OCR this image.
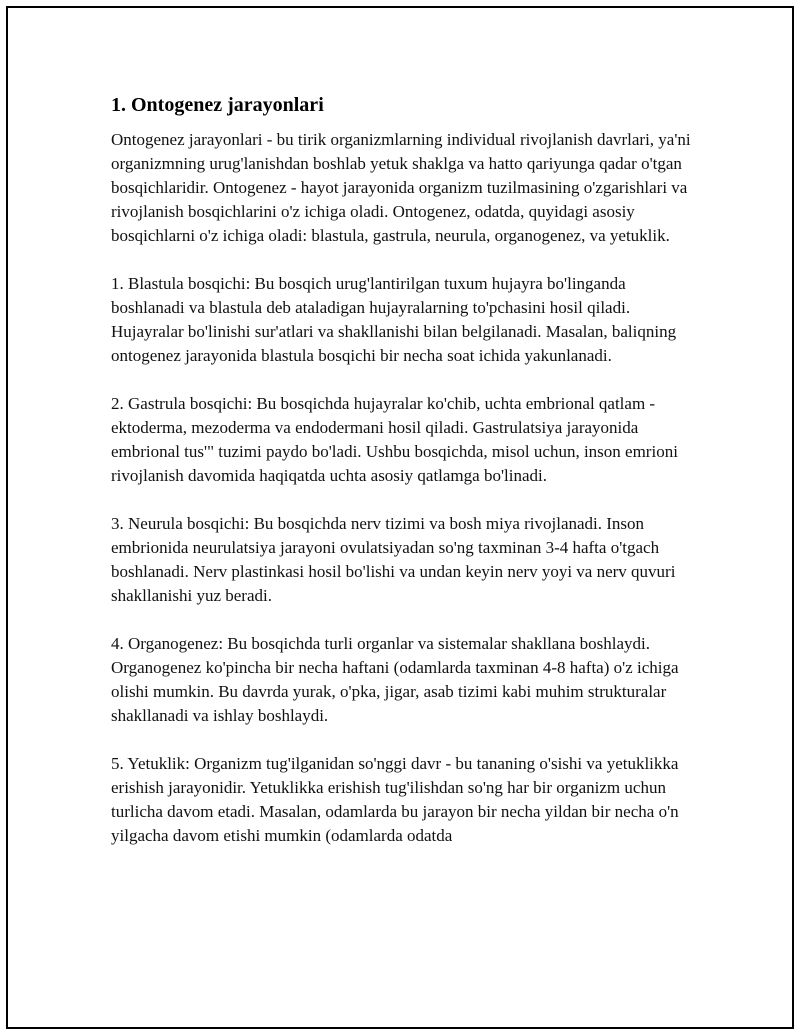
1. Ontogenez jarayonlari

Ontogenez jarayonlari - bu tirik organizmlarning individual rivojlanish davrlari, ya'ni organizmning urug'lanishdan boshlab yetuk shaklga va hatto qariyunga qadar o'tgan bosqichlaridir. Ontogenez - hayot jarayonida organizm tuzilmasining o'zgarishlari va rivojlanish bosqichlarini o'z ichiga oladi. Ontogenez, odatda, quyidagi asosiy bosqichlarni o'z ichiga oladi: blastula, gastrula, neurula, organogenez, va yetuklik.

1. Blastula bosqichi: Bu bosqich urug'lantirilgan tuxum hujayra bo'linganda boshlanadi va blastula deb ataladigan hujayralarning to'pchasini hosil qiladi. Hujayralar bo'linishi sur'atlari va shakllanishi bilan belgilanadi. Masalan, baliqning ontogenez jarayonida blastula bosqichi bir necha soat ichida yakunlanadi.

2. Gastrula bosqichi: Bu bosqichda hujayralar ko'chib, uchta embrional qatlam - ektoderma, mezoderma va endodermani hosil qiladi. Gastrulatsiya jarayonida embrional tus'" tuzimi paydo bo'ladi. Ushbu bosqichda, misol uchun, inson emrioni rivojlanish davomida haqiqatda uchta asosiy qatlamga bo'linadi.

3. Neurula bosqichi: Bu bosqichda nerv tizimi va bosh miya rivojlanadi. Inson embrionida neurulatsiya jarayoni ovulatsiyadan so'ng taxminan 3-4 hafta o'tgach boshlanadi. Nerv plastinkasi hosil bo'lishi va undan keyin nerv yoyi va nerv quvuri shakllanishi yuz beradi.

4. Organogenez: Bu bosqichda turli organlar va sistemalar shakllana boshlaydi. Organogenez ko'pincha bir necha haftani (odamlarda taxminan 4-8 hafta) o'z ichiga olishi mumkin. Bu davrda yurak, o'pka, jigar, asab tizimi kabi muhim strukturalar shakllanadi va ishlay boshlaydi.

5. Yetuklik: Organizm tug'ilganidan so'nggi davr - bu tananing o'sishi va yetuklikka erishish jarayonidir. Yetuklikka erishish tug'ilishdan so'ng har bir organizm uchun turlicha davom etadi. Masalan, odamlarda bu jarayon bir necha yildan bir necha o'n yilgacha davom etishi mumkin (odamlarda odatda
